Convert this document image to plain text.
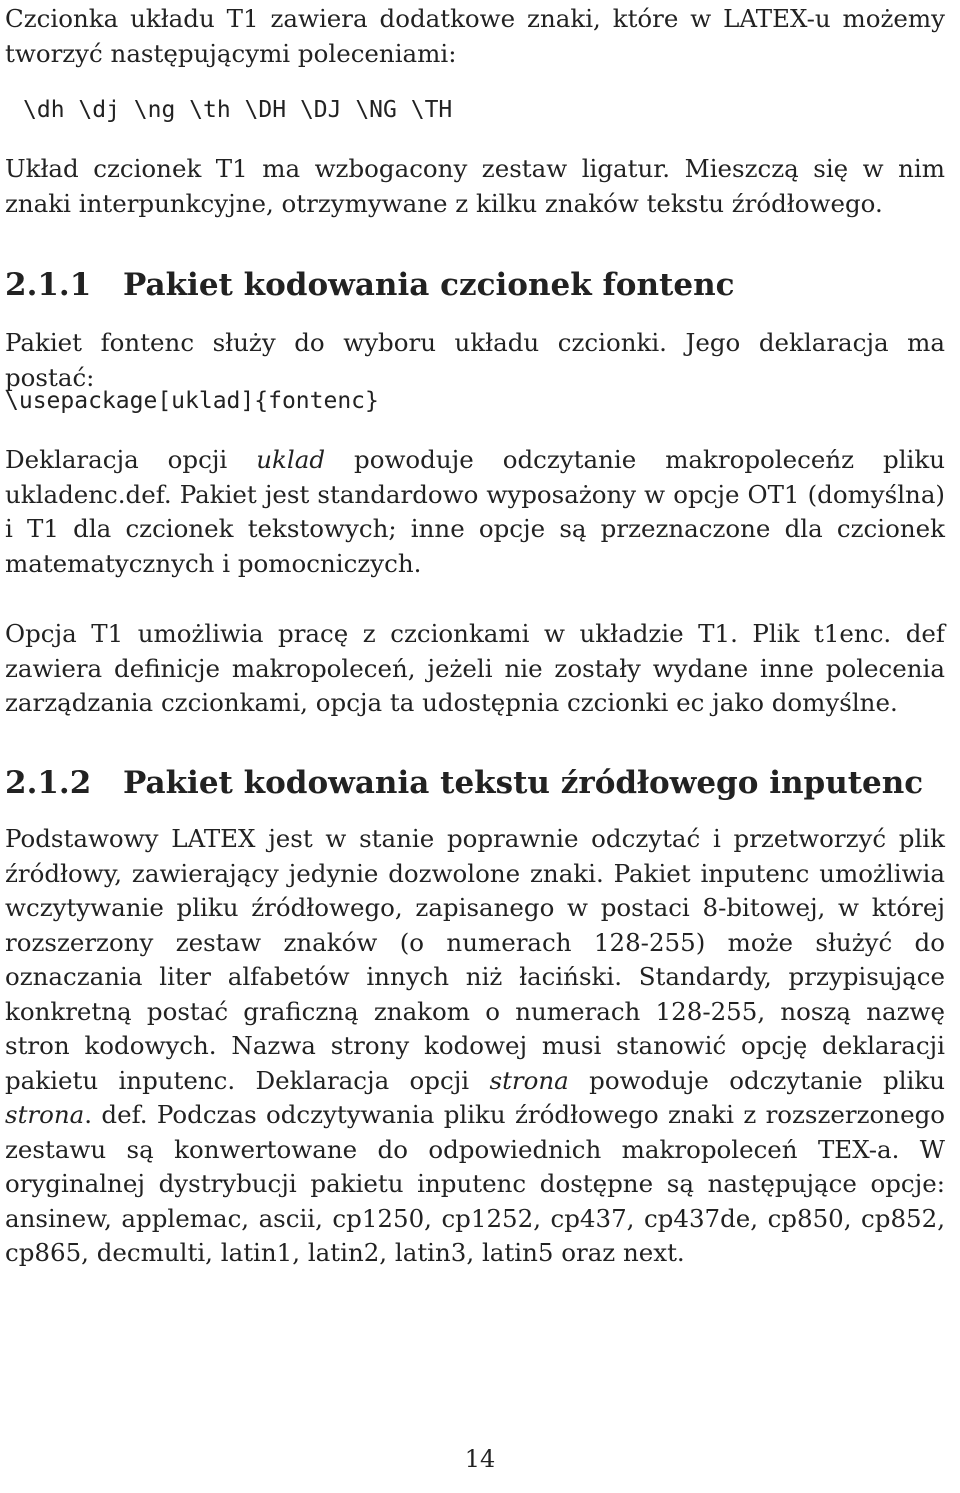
Czcionka układu T1 zawiera dodatkowe znaki, które w LATEX-u możemy tworzyć następującymi poleceniami:

\dh \dj \ng \th \DH \DJ \NG \TH

Układ czcionek T1 ma wzbogacony zestaw ligatur. Mieszczą się w nim znaki interpunkcyjne, otrzymywane z kilku znaków tekstu źródłowego.

2.1.1	Pakiet kodowania czcionek fontenc

Pakiet fontenc służy do wyboru układu czcionki. Jego deklaracja ma postać:

\usepackage[uklad]{fontenc}

Deklaracja opcji uklad powoduje odczytanie makropoleceńz pliku ukladenc.def. Pakiet jest standardowo wyposażony w opcje OT1 (domyślna) i T1 dla czcionek tekstowych; inne opcje są przeznaczone dla czcionek matematycznych i pomocniczych.

Opcja T1 umożliwia pracę z czcionkami w układzie T1. Plik t1enc. def zawiera definicje makropoleceń, jeżeli nie zostały wydane inne polecenia zarządzania czcionkami, opcja ta udostępnia czcionki ec jako domyślne.

2.1.2	Pakiet kodowania tekstu źródłowego inputenc

Podstawowy LATEX jest w stanie poprawnie odczytać i przetworzyć plik źródłowy, zawierający jedynie dozwolone znaki. Pakiet inputenc umożliwia wczytywanie pliku źródłowego, zapisanego w postaci 8-bitowej, w której rozszerzony zestaw znaków (o numerach 128-255) może służyć do oznaczania liter alfabetów innych niż łaciński. Standardy, przypisujące konkretną postać graficzną znakom o numerach 128-255, noszą nazwę stron kodowych. Nazwa strony kodowej musi stanowić opcję deklaracji pakietu inputenc. Deklaracja opcji strona powoduje odczytanie pliku strona. def. Podczas odczytywania pliku źródłowego znaki z rozszerzonego zestawu są konwertowane do odpowiednich makropoleceń TEX-a. W oryginalnej dystrybucji pakietu inputenc dostępne są następujące opcje: ansinew, applemac, ascii, cp1250, cp1252, cp437, cp437de, cp850, cp852, cp865, decmulti, latin1, latin2, latin3, latin5 oraz next.

14
